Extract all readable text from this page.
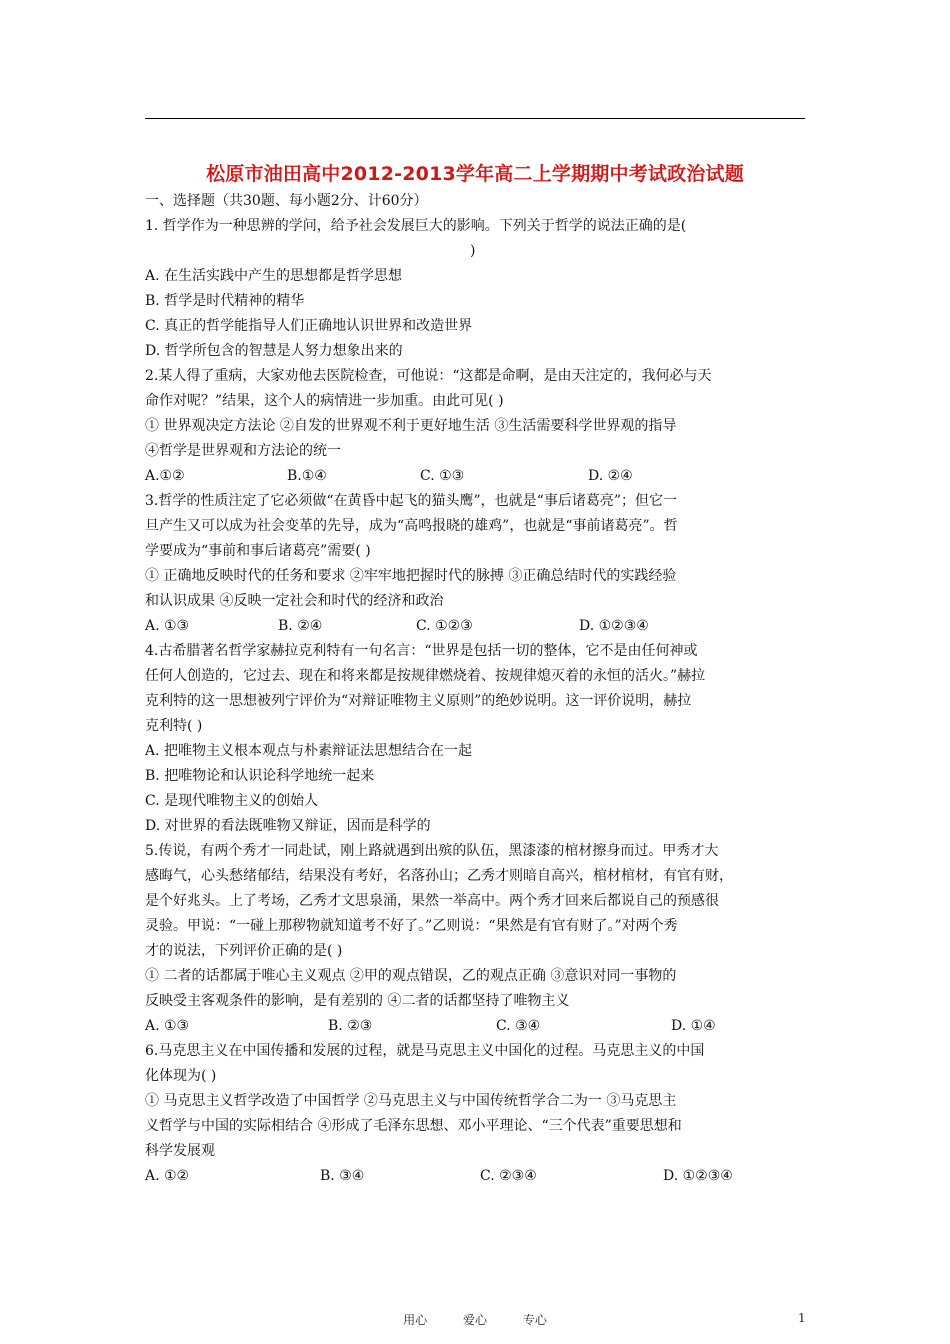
松原市油田高中2012-2013学年高二上学期期中考试政治试题
一、选择题（共30题、每小题2分、计60分）
1. 哲学作为一种思辨的学问，给予社会发展巨大的影响。下列关于哲学的说法正确的是(
)
A. 在生活实践中产生的思想都是哲学思想
B. 哲学是时代精神的精华
C. 真正的哲学能指导人们正确地认识世界和改造世界
D. 哲学所包含的智慧是人努力想象出来的
2.某人得了重病，大家劝他去医院检查，可他说：“这都是命啊，是由天注定的，我何必与天
命作对呢？”结果，这个人的病情进一步加重。由此可见( )
① 世界观决定方法论 ②自发的世界观不利于更好地生活 ③生活需要科学世界观的指导
④哲学是世界观和方法论的统一
A.①②	B.①④	C. ①③	D. ②④
3.哲学的性质注定了它必须做“在黄昏中起飞的猫头鹰”，也就是“事后诸葛亮”；但它一
旦产生又可以成为社会变革的先导，成为“高鸣报晓的雄鸡”，也就是“事前诸葛亮”。哲
学要成为“事前和事后诸葛亮”需要( )
① 正确地反映时代的任务和要求 ②牢牢地把握时代的脉搏 ③正确总结时代的实践经验
和认识成果 ④反映一定社会和时代的经济和政治
A. ①③	B. ②④	C. ①②③	D. ①②③④
4.古希腊著名哲学家赫拉克利特有一句名言：“世界是包括一切的整体，它不是由任何神或
任何人创造的，它过去、现在和将来都是按规律燃烧着、按规律熄灭着的永恒的活火。”赫拉
克利特的这一思想被列宁评价为“对辩证唯物主义原则”的绝妙说明。这一评价说明，赫拉
克利特( )
A. 把唯物主义根本观点与朴素辩证法思想结合在一起
B. 把唯物论和认识论科学地统一起来
C. 是现代唯物主义的创始人
D. 对世界的看法既唯物又辩证，因而是科学的
5.传说，有两个秀才一同赴试，刚上路就遇到出殡的队伍，黑漆漆的棺材擦身而过。甲秀才大
感晦气，心头愁绪郁结，结果没有考好，名落孙山；乙秀才则暗自高兴，棺材棺材，有官有财，
是个好兆头。上了考场，乙秀才文思泉涌，果然一举高中。两个秀才回来后都说自己的预感很
灵验。甲说：“一碰上那秽物就知道考不好了。”乙则说：“果然是有官有财了。”对两个秀
才的说法，下列评价正确的是( )
① 二者的话都属于唯心主义观点 ②甲的观点错误，乙的观点正确 ③意识对同一事物的
反映受主客观条件的影响，是有差别的 ④二者的话都坚持了唯物主义
A. ①③	B. ②③	C. ③④	D. ①④
6.马克思主义在中国传播和发展的过程，就是马克思主义中国化的过程。马克思主义的中国
化体现为( )
① 马克思主义哲学改造了中国哲学 ②马克思主义与中国传统哲学合二为一 ③马克思主
义哲学与中国的实际相结合 ④形成了毛泽东思想、邓小平理论、“三个代表”重要思想和
科学发展观
A. ①②	B. ③④	C. ②③④	D. ①②③④
用心	爱心	专心	1
